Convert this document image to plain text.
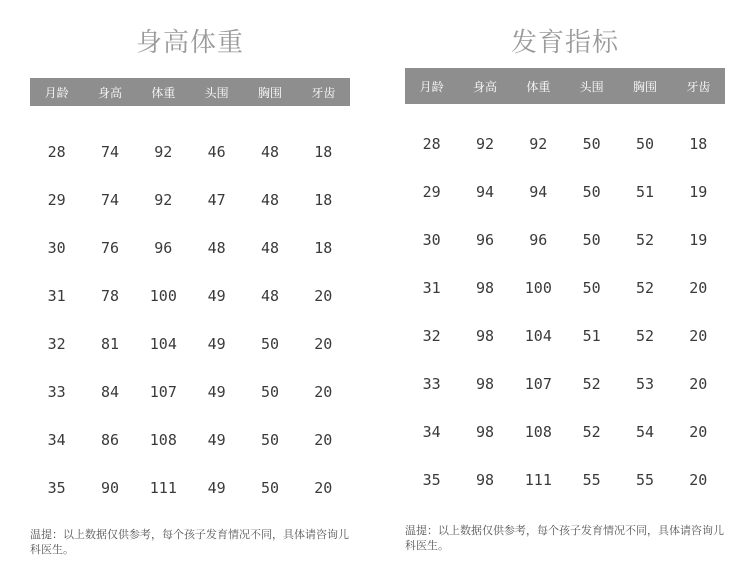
身高体重
月龄	身高	体重	头围	胸围	牙齿
28	74	92	46	48	18
29	74	92	47	48	18
30	76	96	48	48	18
31	78	100	49	48	20
32	81	104	49	50	20
33	84	107	49	50	20
34	86	108	49	50	20
35	90	111	49	50	20
温提：以上数据仅供参考，每个孩子发育情况不同，具体请咨询儿科医生。
发育指标
月龄	身高	体重	头围	胸围	牙齿
28	92	92	50	50	18
29	94	94	50	51	19
30	96	96	50	52	19
31	98	100	50	52	20
32	98	104	51	52	20
33	98	107	52	53	20
34	98	108	52	54	20
35	98	111	55	55	20
温提：以上数据仅供参考，每个孩子发育情况不同，具体请咨询儿科医生。
